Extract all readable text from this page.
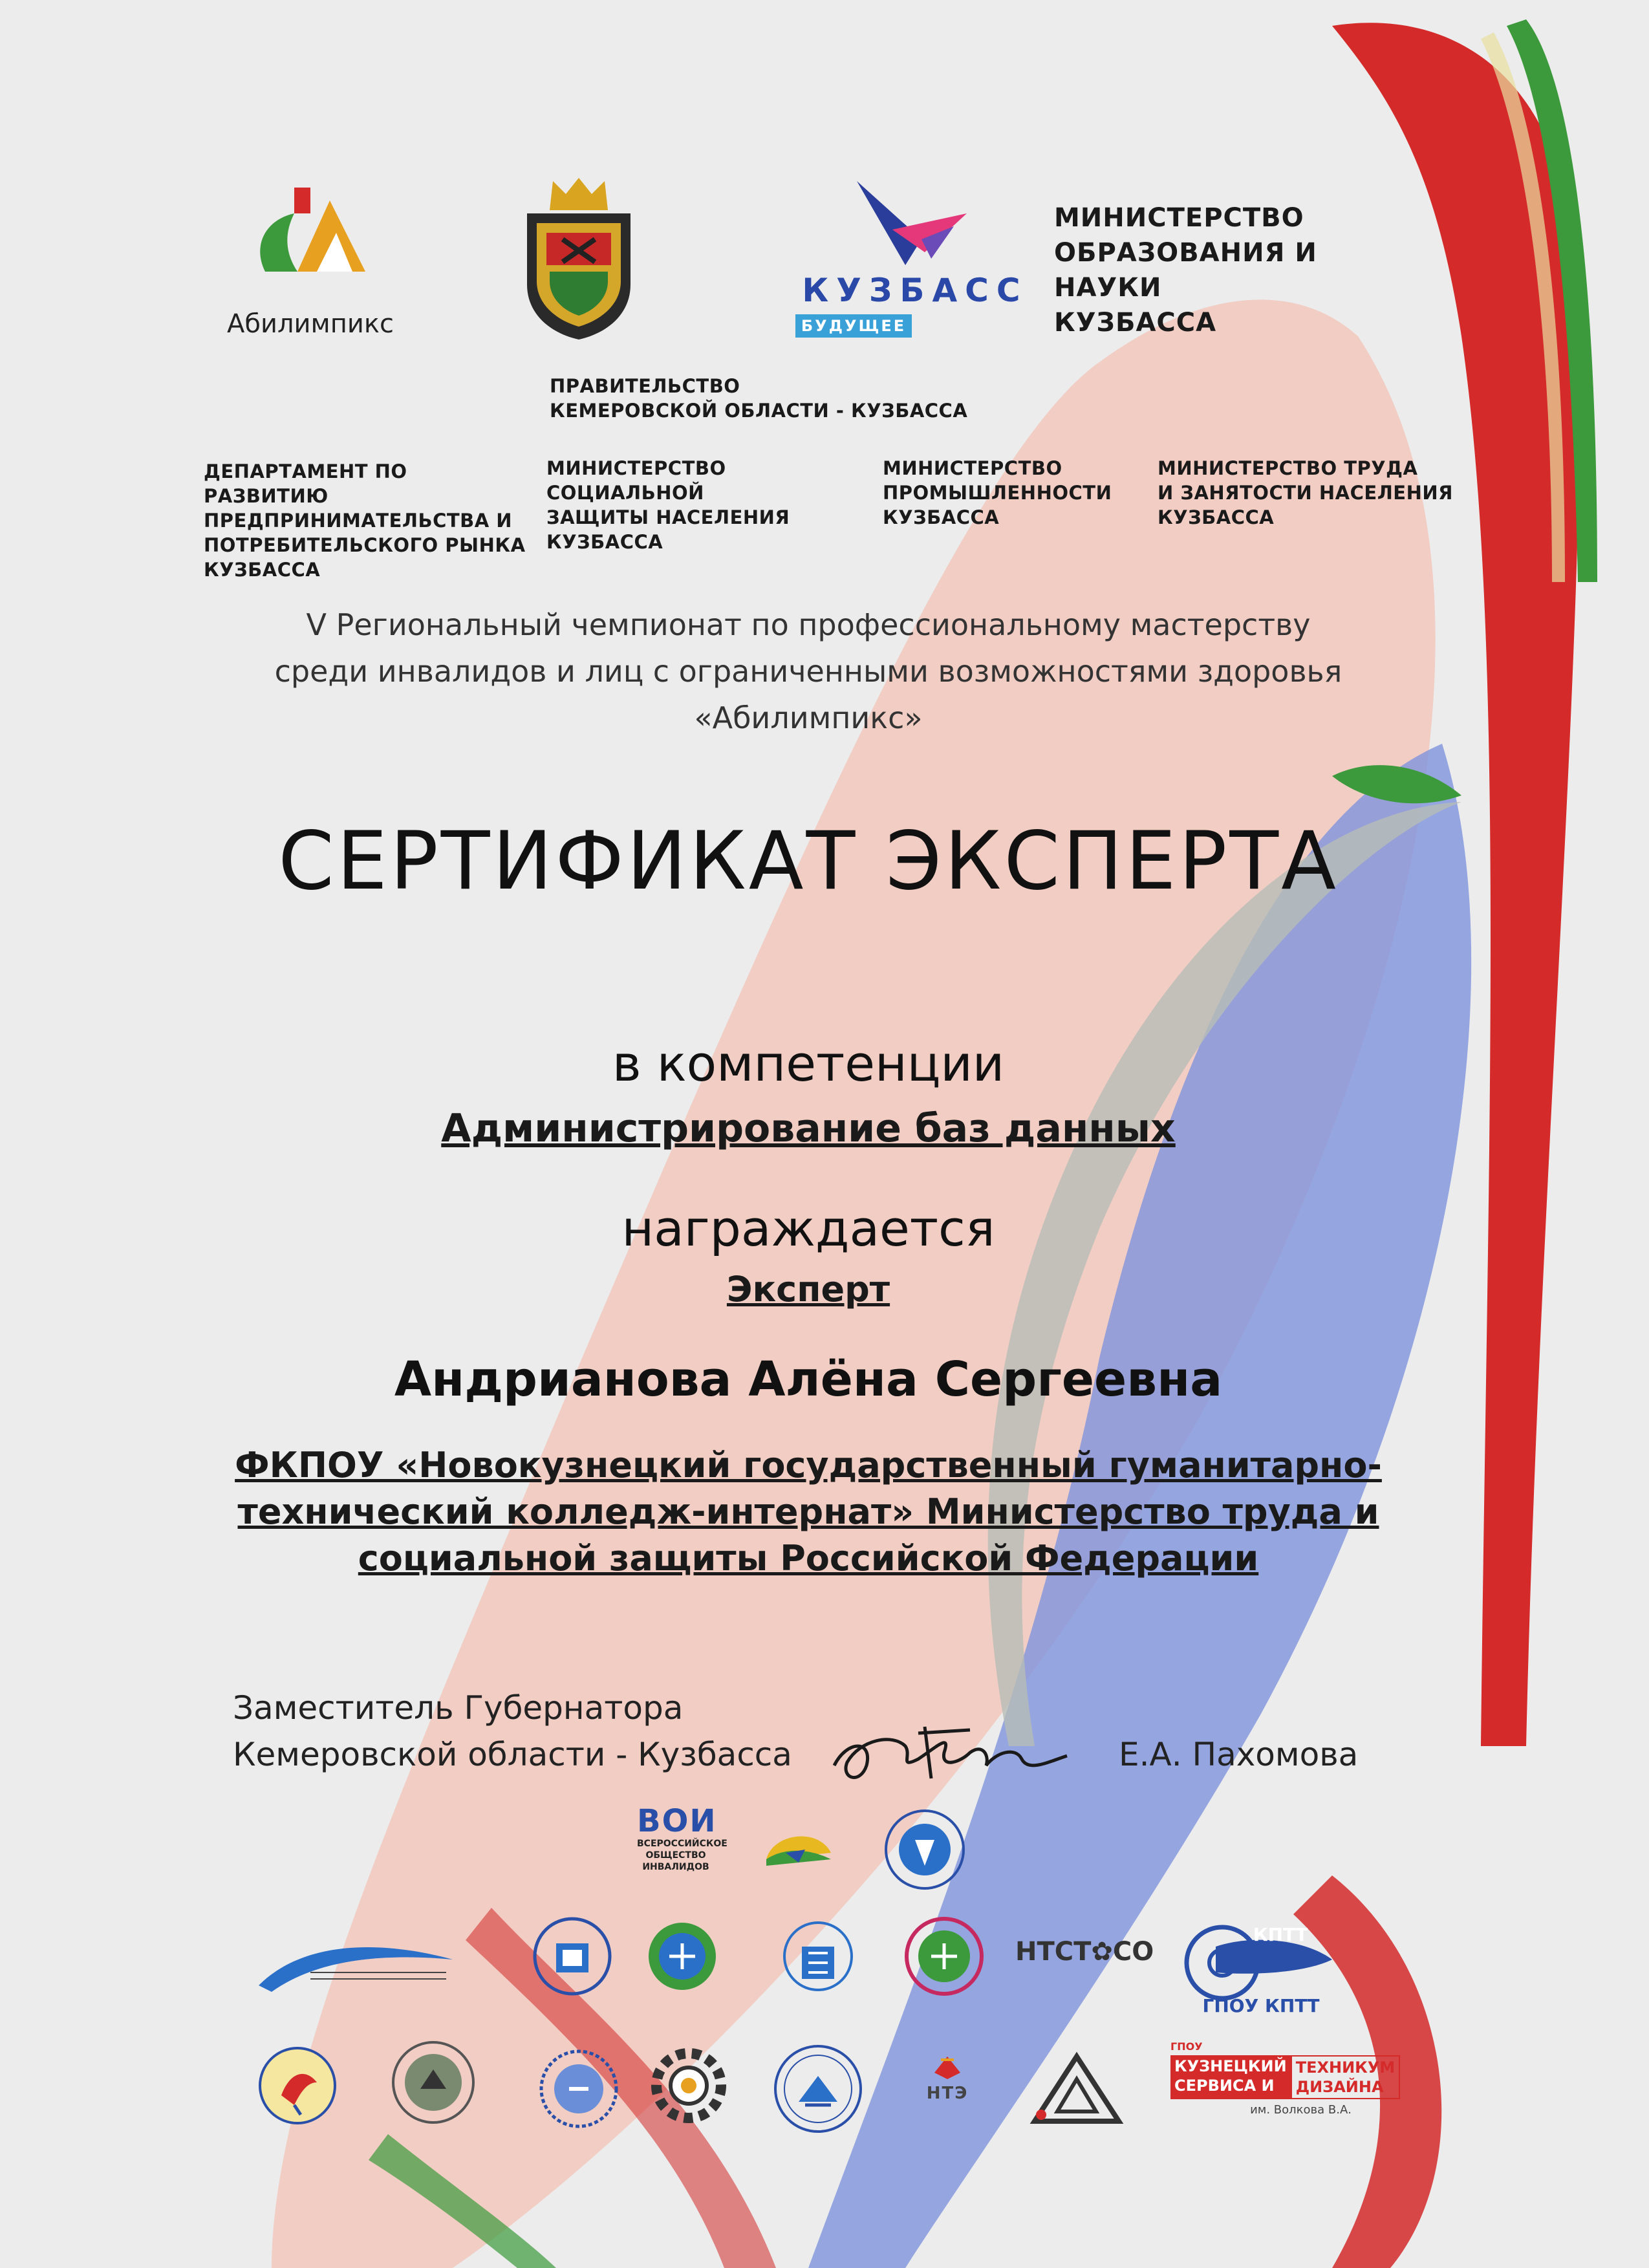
Абилимпикс
КУЗБАСС
БУДУЩЕЕ
МИНИСТЕРСТВО
ОБРАЗОВАНИЯ И НАУКИ
КУЗБАССА
ПРАВИТЕЛЬСТВО
КЕМЕРОВСКОЙ ОБЛАСТИ - КУЗБАССА
ДЕПАРТАМЕНТ ПО РАЗВИТИЮ
ПРЕДПРИНИМАТЕЛЬСТВА И
ПОТРЕБИТЕЛЬСКОГО РЫНКА
КУЗБАССА
МИНИСТЕРСТВО СОЦИАЛЬНОЙ
ЗАЩИТЫ НАСЕЛЕНИЯ
КУЗБАССА
МИНИСТЕРСТВО
ПРОМЫШЛЕННОСТИ
КУЗБАССА
МИНИСТЕРСТВО ТРУДА
И ЗАНЯТОСТИ НАСЕЛЕНИЯ
КУЗБАССА
V Региональный чемпионат по профессиональному мастерству
среди инвалидов и лиц с ограниченными возможностями здоровья
«Абилимпикс»
СЕРТИФИКАТ ЭКСПЕРТА
в компетенции
Администрирование баз данных
награждается
Эксперт
Андрианова Алёна Сергеевна
ФКПОУ «Новокузнецкий государственный гуманитарно-
технический колледж-интернат» Министерство труда и
социальной защиты Российской Федерации
Заместитель Губернатора
Кемеровской области - Кузбасса	Е.А. Пахомова
ВОИ
ВСЕРОССИЙСКОЕ
ОБЩЕСТВО
ИНВАЛИДОВ
НТСТ✿СО
КПТТ
ГПОУ КПТТ
НТЭ
ГПОУ
КУЗНЕЦКИЙ
СЕРВИСА И
ТЕХНИКУМ
ДИЗАЙНА
им. Волкова В.А.
